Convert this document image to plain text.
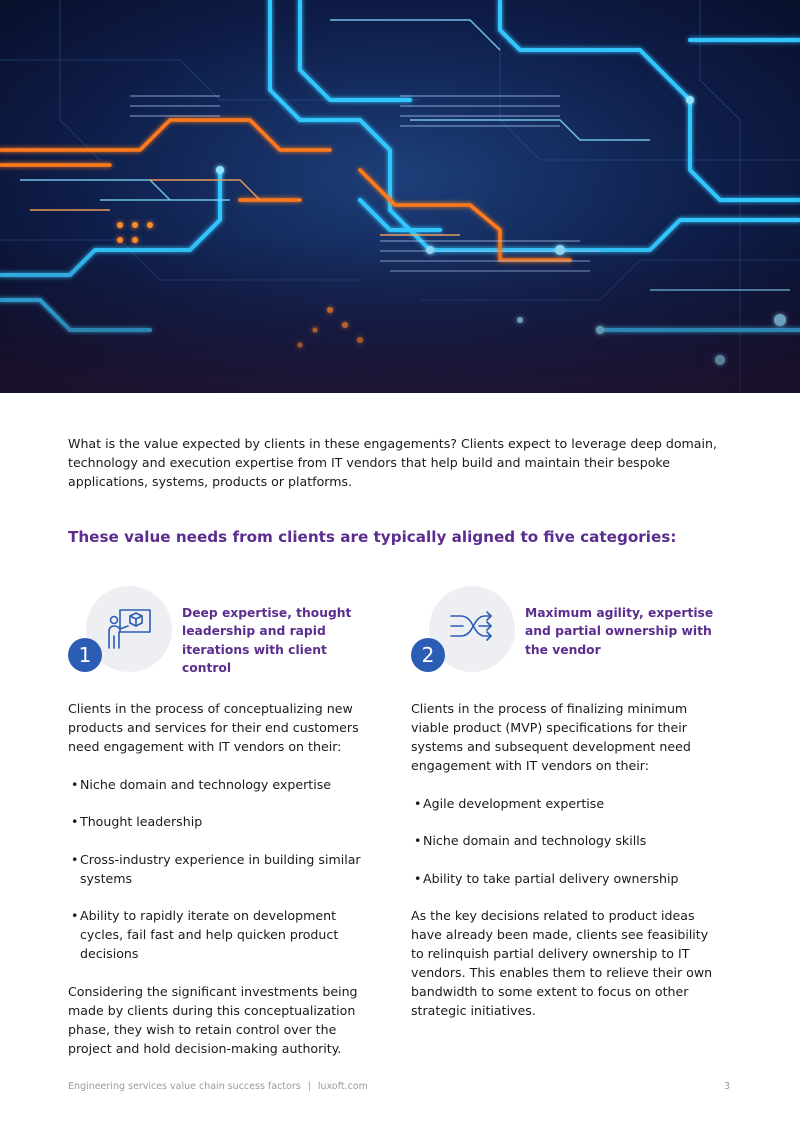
What is the value expected by clients in these engagements? Clients expect to leverage deep domain, technology and execution expertise from IT vendors that help build and maintain their bespoke applications, systems, products or platforms.

These value needs from clients are typically aligned to five categories:
1
Deep expertise, thought leadership and rapid iterations with client control

Clients in the process of conceptualizing new products and services for their end customers need engagement with IT vendors on their:

• Niche domain and technology expertise
• Thought leadership
• Cross-industry experience in building similar systems
• Ability to rapidly iterate on development cycles, fail fast and help quicken product decisions

Considering the significant investments being made by clients during this conceptualization phase, they wish to retain control over the project and hold decision-making authority.

2
Maximum agility, expertise and partial ownership with the vendor

Clients in the process of finalizing minimum viable product (MVP) specifications for their systems and subsequent development need engagement with IT vendors on their:

• Agile development expertise
• Niche domain and technology skills
• Ability to take partial delivery ownership

As the key decisions related to product ideas have already been made, clients see feasibility to relinquish partial delivery ownership to IT vendors. This enables them to relieve their own bandwidth to some extent to focus on other strategic initiatives.

Engineering services value chain success factors | luxoft.com	3
